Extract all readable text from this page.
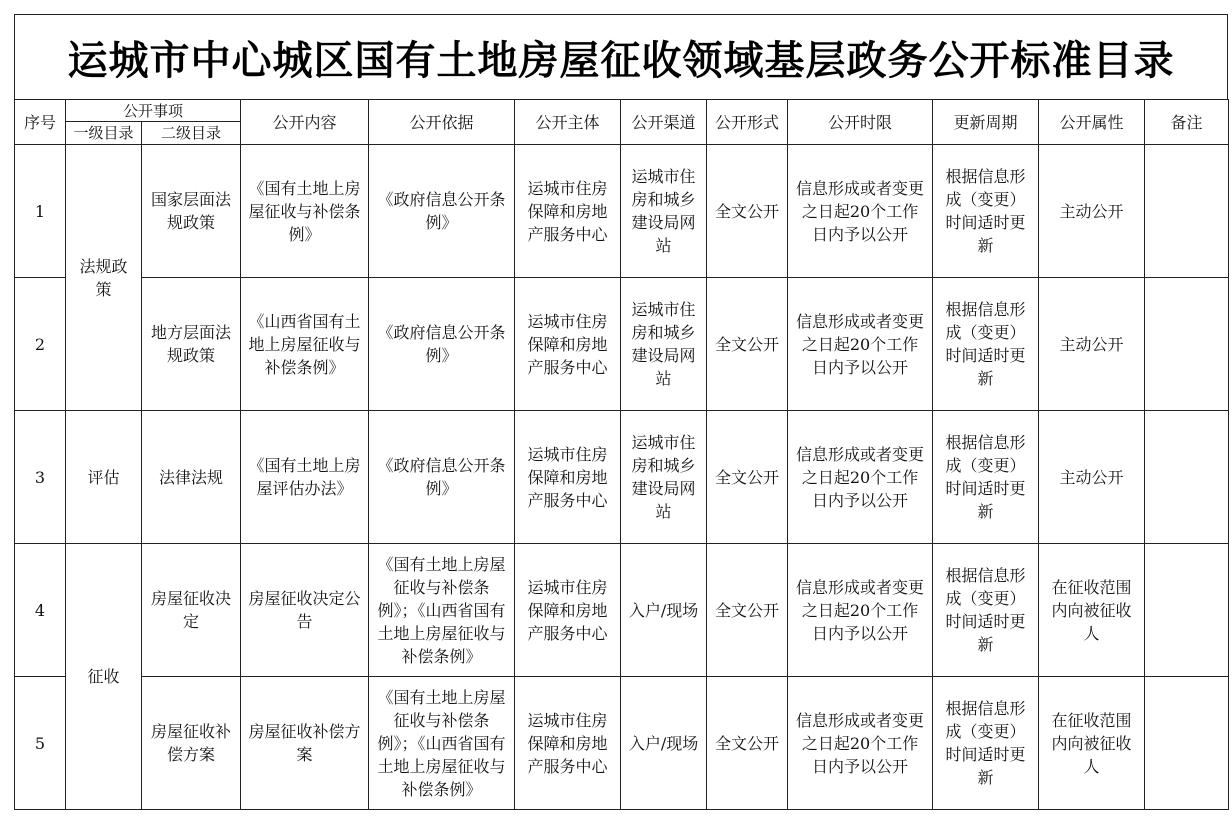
运城市中心城区国有土地房屋征收领域基层政务公开标准目录
序号	公开事项		公开内容	公开依据	公开主体	公开渠道	公开形式	公开时限	更新周期	公开属性	备注
	一级目录	二级目录									
1	法规政策	国家层面法规政策	《国有土地上房屋征收与补偿条例》	《政府信息公开条例》	运城市住房保障和房地产服务中心	运城市住房和城乡建设局网站	全文公开	信息形成或者变更之日起20个工作日内予以公开	根据信息形成（变更）时间适时更新	主动公开	
2		地方层面法规政策	《山西省国有土地上房屋征收与补偿条例》	《政府信息公开条例》	运城市住房保障和房地产服务中心	运城市住房和城乡建设局网站	全文公开	信息形成或者变更之日起20个工作日内予以公开	根据信息形成（变更）时间适时更新	主动公开	
3	评估	法律法规	《国有土地上房屋评估办法》	《政府信息公开条例》	运城市住房保障和房地产服务中心	运城市住房和城乡建设局网站	全文公开	信息形成或者变更之日起20个工作日内予以公开	根据信息形成（变更）时间适时更新	主动公开	
4	征收	房屋征收决定	房屋征收决定公告	《国有土地上房屋征收与补偿条例》；《山西省国有土地上房屋征收与补偿条例》	运城市住房保障和房地产服务中心	入户/现场	全文公开	信息形成或者变更之日起20个工作日内予以公开	根据信息形成（变更）时间适时更新	在征收范围内向被征收人	
5		房屋征收补偿方案	房屋征收补偿方案	《国有土地上房屋征收与补偿条例》；《山西省国有土地上房屋征收与补偿条例》	运城市住房保障和房地产服务中心	入户/现场	全文公开	信息形成或者变更之日起20个工作日内予以公开	根据信息形成（变更）时间适时更新	在征收范围内向被征收人	
